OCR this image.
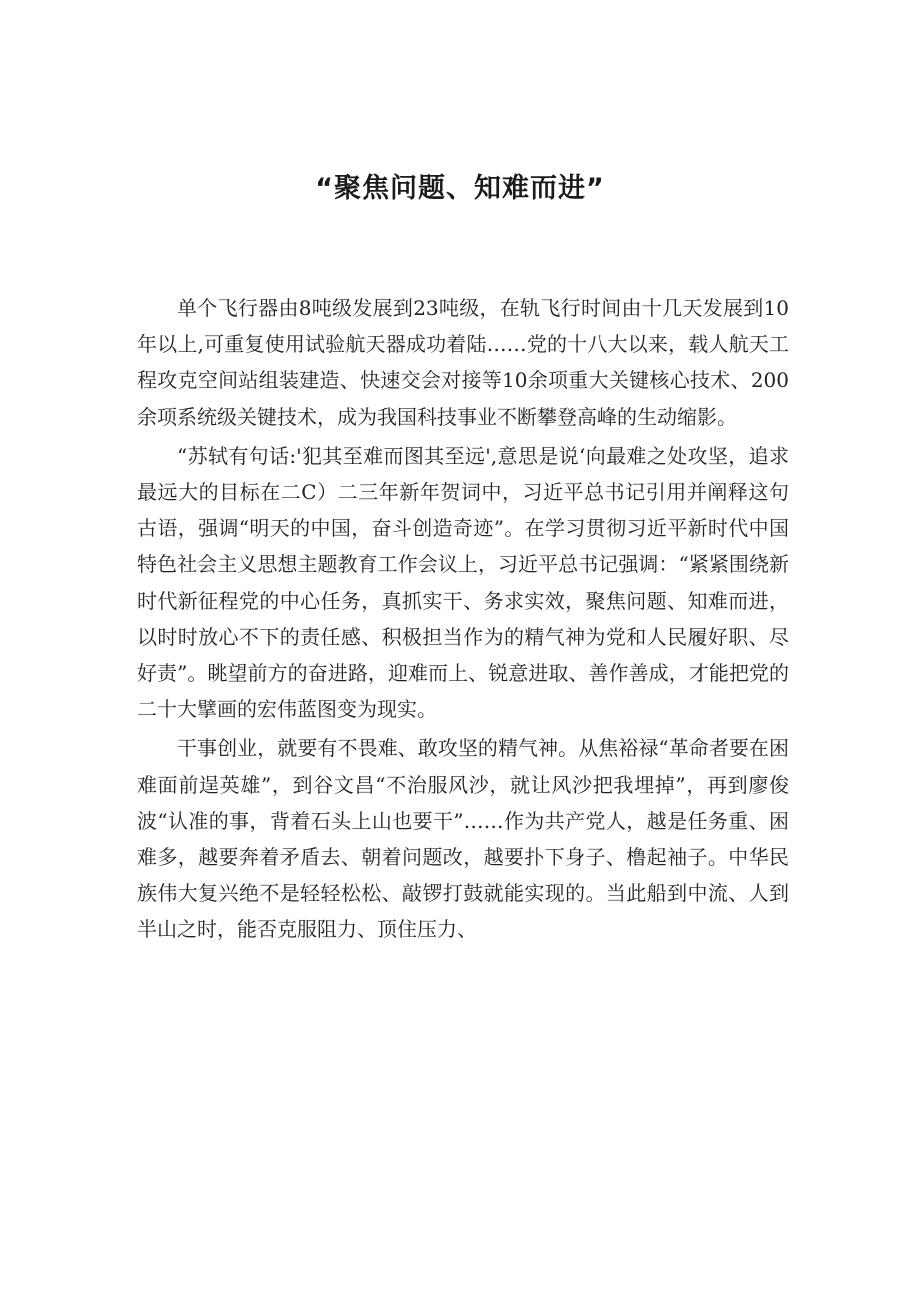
“聚焦问题、知难而进”

单个飞行器由8吨级发展到23吨级，在轨飞行时间由十几天发展到10年以上,可重复使用试验航天器成功着陆……党的十八大以来，载人航天工程攻克空间站组装建造、快速交会对接等10余项重大关键核心技术、200余项系统级关键技术，成为我国科技事业不断攀登高峰的生动缩影。

“苏轼有句话:'犯其至难而图其至远',意思是说‘向最难之处攻坚，追求最远大的目标在二C）二三年新年贺词中，习近平总书记引用并阐释这句古语，强调“明天的中国，奋斗创造奇迹”。在学习贯彻习近平新时代中国特色社会主义思想主题教育工作会议上，习近平总书记强调：“紧紧围绕新时代新征程党的中心任务，真抓实干、务求实效，聚焦问题、知难而进，以时时放心不下的责任感、积极担当作为的精气神为党和人民履好职、尽好责”。眺望前方的奋进路，迎难而上、锐意进取、善作善成，才能把党的二十大擘画的宏伟蓝图变为现实。

干事创业，就要有不畏难、敢攻坚的精气神。从焦裕禄“革命者要在困难面前逞英雄”，到谷文昌“不治服风沙，就让风沙把我埋掉”，再到廖俊波“认准的事，背着石头上山也要干”……作为共产党人，越是任务重、困难多，越要奔着矛盾去、朝着问题改，越要扑下身子、橹起袖子。中华民族伟大复兴绝不是轻轻松松、敲锣打鼓就能实现的。当此船到中流、人到半山之时，能否克服阻力、顶住压力、
